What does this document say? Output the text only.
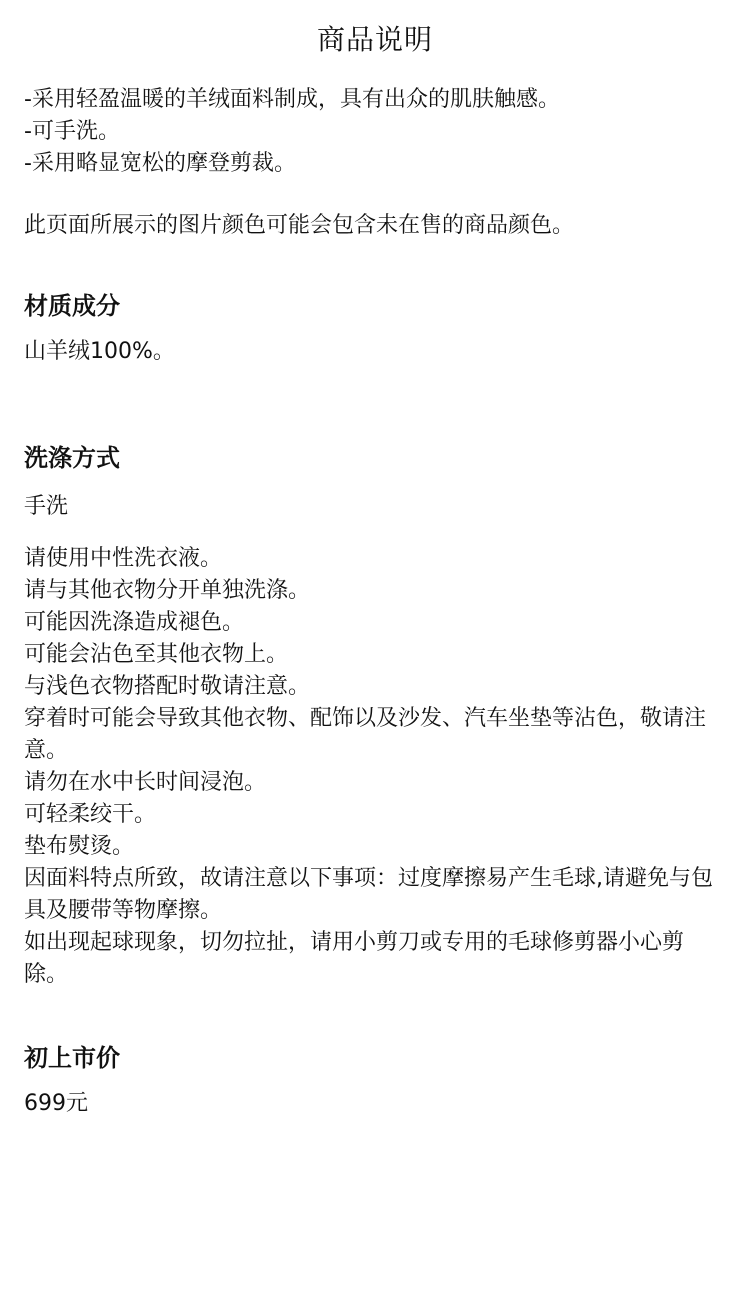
商品说明

-采用轻盈温暖的羊绒面料制成，具有出众的肌肤触感。

-可手洗。

-采用略显宽松的摩登剪裁。

此页面所展示的图片颜色可能会包含未在售的商品颜色。

材质成分

山羊绒100%。

洗涤方式

手洗

请使用中性洗衣液。

请与其他衣物分开单独洗涤。

可能因洗涤造成褪色。

可能会沾色至其他衣物上。

与浅色衣物搭配时敬请注意。

穿着时可能会导致其他衣物、配饰以及沙发、汽车坐垫等沾色，敬请注意。

请勿在水中长时间浸泡。

可轻柔绞干。

垫布熨烫。

因面料特点所致，故请注意以下事项：过度摩擦易产生毛球,请避免与包具及腰带等物摩擦。

如出现起球现象，切勿拉扯，请用小剪刀或专用的毛球修剪器小心剪除。

初上市价

699元
